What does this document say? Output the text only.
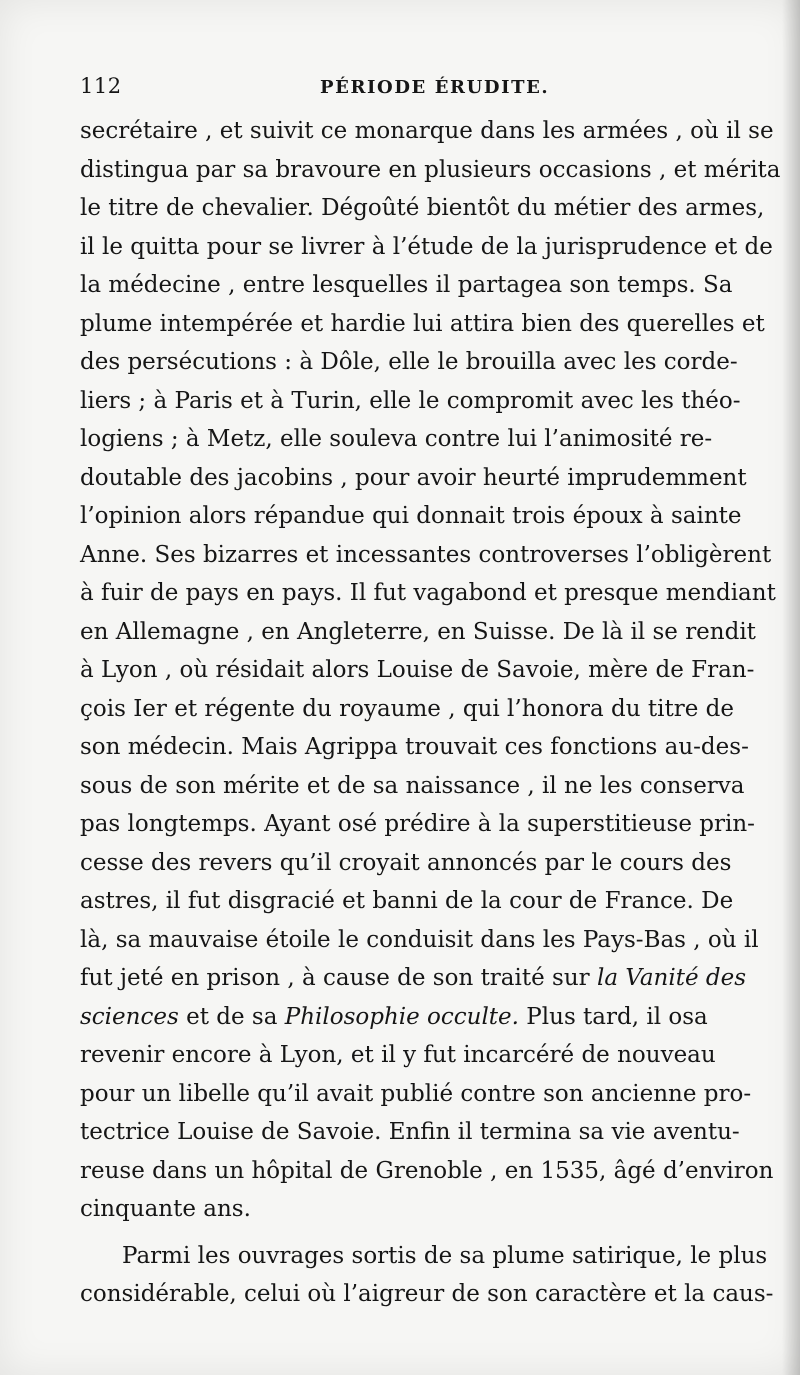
112	PÉRIODE ÉRUDITE.
secrétaire , et suivit ce monarque dans les armées , où il se
distingua par sa bravoure en plusieurs occasions , et mérita
le titre de chevalier. Dégoûté bientôt du métier des armes,
il le quitta pour se livrer à l’étude de la jurisprudence et de
la médecine , entre lesquelles il partagea son temps. Sa
plume intempérée et hardie lui attira bien des querelles et
des persécutions : à Dôle, elle le brouilla avec les corde-
liers ; à Paris et à Turin, elle le compromit avec les théo-
logiens ; à Metz, elle souleva contre lui l’animosité re-
doutable des jacobins , pour avoir heurté imprudemment
l’opinion alors répandue qui donnait trois époux à sainte
Anne. Ses bizarres et incessantes controverses l’obligèrent
à fuir de pays en pays. Il fut vagabond et presque mendiant
en Allemagne , en Angleterre, en Suisse. De là il se rendit
à Lyon , où résidait alors Louise de Savoie, mère de Fran-
çois Ier et régente du royaume , qui l’honora du titre de
son médecin. Mais Agrippa trouvait ces fonctions au-des-
sous de son mérite et de sa naissance , il ne les conserva
pas longtemps. Ayant osé prédire à la superstitieuse prin-
cesse des revers qu’il croyait annoncés par le cours des
astres, il fut disgracié et banni de la cour de France. De
là, sa mauvaise étoile le conduisit dans les Pays-Bas , où il
fut jeté en prison , à cause de son traité sur la Vanité des
sciences et de sa Philosophie occulte. Plus tard, il osa
revenir encore à Lyon, et il y fut incarcéré de nouveau
pour un libelle qu’il avait publié contre son ancienne pro-
tectrice Louise de Savoie. Enfin il termina sa vie aventu-
reuse dans un hôpital de Grenoble , en 1535, âgé d’environ
cinquante ans.
Parmi les ouvrages sortis de sa plume satirique, le plus
considérable, celui où l’aigreur de son caractère et la caus-
